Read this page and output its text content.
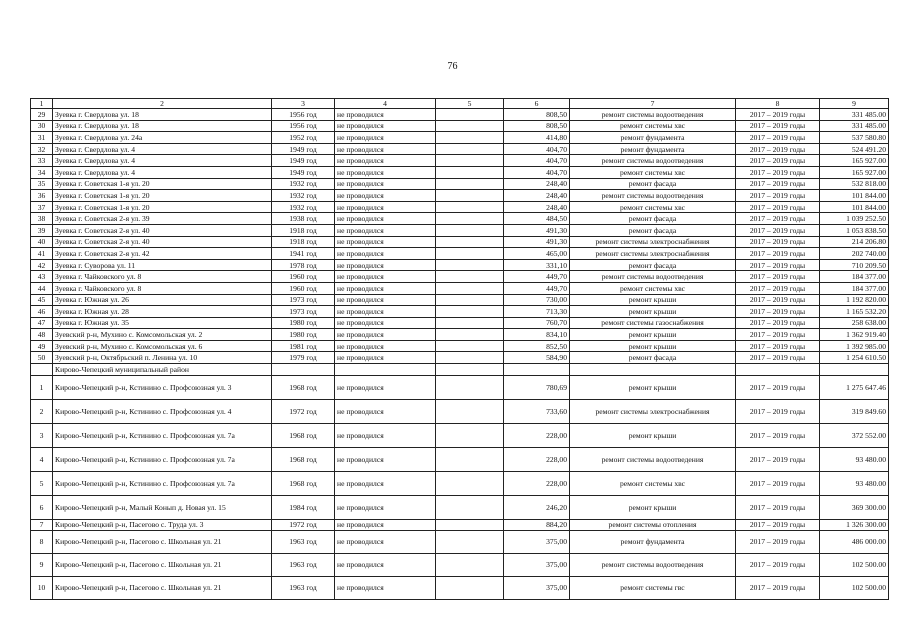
76
1	2	3	4	5	6	7	8	9
29	Зуевка г. Свердлова ул. 18	1956 год	не проводился		808,50	ремонт системы водоотведения	2017 – 2019 годы	331 485.00
30	Зуевка г. Свердлова ул. 18	1956 год	не проводился		808,50	ремонт системы хвс	2017 – 2019 годы	331 485.00
31	Зуевка г. Свердлова ул. 24а	1952 год	не проводился		414,80	ремонт фундамента	2017 – 2019 годы	537 580.80
32	Зуевка г. Свердлова ул. 4	1949 год	не проводился		404,70	ремонт фундамента	2017 – 2019 годы	524 491.20
33	Зуевка г. Свердлова ул. 4	1949 год	не проводился		404,70	ремонт системы водоотведения	2017 – 2019 годы	165 927.00
34	Зуевка г. Свердлова ул. 4	1949 год	не проводился		404,70	ремонт системы хвс	2017 – 2019 годы	165 927.00
35	Зуевка г. Советская 1-я ул. 20	1932 год	не проводился		248,40	ремонт фасада	2017 – 2019 годы	532 818.00
36	Зуевка г. Советская 1-я ул. 20	1932 год	не проводился		248,40	ремонт системы водоотведения	2017 – 2019 годы	101 844.00
37	Зуевка г. Советская 1-я ул. 20	1932 год	не проводился		248,40	ремонт системы хвс	2017 – 2019 годы	101 844.00
38	Зуевка г. Советская 2-я ул. 39	1938 год	не проводился		484,50	ремонт фасада	2017 – 2019 годы	1 039 252.50
39	Зуевка г. Советская 2-я ул. 40	1918 год	не проводился		491,30	ремонт фасада	2017 – 2019 годы	1 053 838.50
40	Зуевка г. Советская 2-я ул. 40	1918 год	не проводился		491,30	ремонт системы электроснабжения	2017 – 2019 годы	214 206.80
41	Зуевка г. Советская 2-я ул. 42	1941 год	не проводился		465,00	ремонт системы электроснабжения	2017 – 2019 годы	202 740.00
42	Зуевка г. Суворова ул. 11	1978 год	не проводился		331,10	ремонт фасада	2017 – 2019 годы	710 209.50
43	Зуевка г. Чайковского ул. 8	1960 год	не проводился		449,70	ремонт системы водоотведения	2017 – 2019 годы	184 377.00
44	Зуевка г. Чайковского ул. 8	1960 год	не проводился		449,70	ремонт системы хвс	2017 – 2019 годы	184 377.00
45	Зуевка г. Южная ул. 26	1973 год	не проводился		730,00	ремонт крыши	2017 – 2019 годы	1 192 820.00
46	Зуевка г. Южная ул. 28	1973 год	не проводился		713,30	ремонт крыши	2017 – 2019 годы	1 165 532.20
47	Зуевка г. Южная ул. 35	1980 год	не проводился		760,70	ремонт системы газоснабжения	2017 – 2019 годы	258 638.00
48	Зуевский р-н, Мухино с. Комсомольская ул. 2	1980 год	не проводился		834,10	ремонт крыши	2017 – 2019 годы	1 362 919.40
49	Зуевский р-н, Мухино с. Комсомольская ул. 6	1981 год	не проводился		852,50	ремонт крыши	2017 – 2019 годы	1 392 985.00
50	Зуевский р-н, Октябрьский п. Ленина ул. 10	1979 год	не проводился		584,90	ремонт фасада	2017 – 2019 годы	1 254 610.50
	Кирово-Чепецкий муниципальный район							
1	Кирово-Чепецкий р-н, Кстинино с. Профсоюзная ул. 3	1968 год	не проводился		780,69	ремонт крыши	2017 – 2019 годы	1 275 647.46
2	Кирово-Чепецкий р-н, Кстинино с. Профсоюзная ул. 4	1972 год	не проводился		733,60	ремонт системы электроснабжения	2017 – 2019 годы	319 849.60
3	Кирово-Чепецкий р-н, Кстинино с. Профсоюзная ул. 7а	1968 год	не проводился		228,00	ремонт крыши	2017 – 2019 годы	372 552.00
4	Кирово-Чепецкий р-н, Кстинино с. Профсоюзная ул. 7а	1968 год	не проводился		228,00	ремонт системы водоотведения	2017 – 2019 годы	93 480.00
5	Кирово-Чепецкий р-н, Кстинино с. Профсоюзная ул. 7а	1968 год	не проводился		228,00	ремонт системы хвс	2017 – 2019 годы	93 480.00
6	Кирово-Чепецкий р-н, Малый Конып д. Новая ул. 15	1984 год	не проводился		246,20	ремонт крыши	2017 – 2019 годы	369 300.00
7	Кирово-Чепецкий р-н, Пасегово с. Труда ул. 3	1972 год	не проводился		884,20	ремонт системы отопления	2017 – 2019 годы	1 326 300.00
8	Кирово-Чепецкий р-н, Пасегово с. Школьная ул. 21	1963 год	не проводился		375,00	ремонт фундамента	2017 – 2019 годы	486 000.00
9	Кирово-Чепецкий р-н, Пасегово с. Школьная ул. 21	1963 год	не проводился		375,00	ремонт системы водоотведения	2017 – 2019 годы	102 500.00
10	Кирово-Чепецкий р-н, Пасегово с. Школьная ул. 21	1963 год	не проводился		375,00	ремонт системы гвс	2017 – 2019 годы	102 500.00
